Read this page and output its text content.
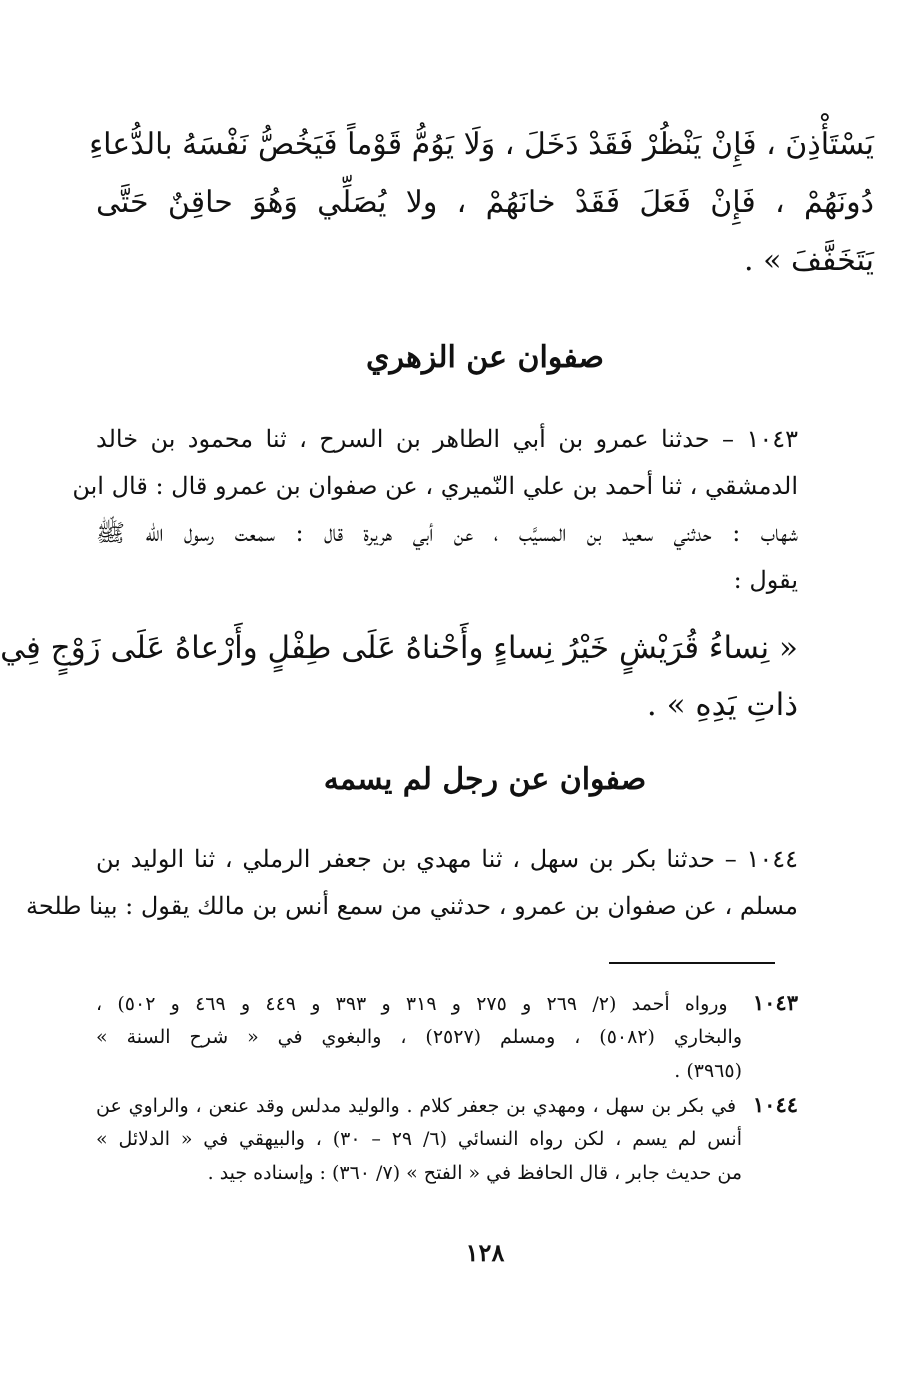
يَسْتَأْذِنَ ، فَإِنْ يَنْظُرْ فَقَدْ دَخَلَ ، وَلَا يَوُمُّ قَوْماً فَيَخُصُّ نَفْسَهُ بالدُّعاءِ
دُونَهُمْ ، فَإِنْ فَعَلَ فَقَدْ خانَهُمْ ، ولا يُصَلِّي وَهُوَ حاقِنٌ حَتَّى
يَتَخَفَّفَ » .
صفوان عن الزهري
١٠٤٣ – حدثنا عمرو بن أبي الطاهر بن السرح ، ثنا محمود بن خالد
الدمشقي ، ثنا أحمد بن علي النّميري ، عن صفوان بن عمرو قال : قال ابن
شهاب : حدثني سعيد بن المسيَّب ، عن أبي هريرة قال : سمعت رسول الله ﷺ
يقول :
« نِساءُ قُرَيْشٍ خَيْرُ نِساءٍ وأَحْناهُ عَلَى طِفْلٍ وأَرْعاهُ عَلَى زَوْجٍ فِي
ذاتِ يَدِهِ » .
صفوان عن رجل لم يسمه
١٠٤٤ – حدثنا بكر بن سهل ، ثنا مهدي بن جعفر الرملي ، ثنا الوليد بن
مسلم ، عن صفوان بن عمرو ، حدثني من سمع أنس بن مالك يقول : بينا طلحة
١٠٤٣ ورواه أحمد (٢/ ٢٦٩ و ٢٧٥ و ٣١٩ و ٣٩٣ و ٤٤٩ و ٤٦٩ و ٥٠٢) ،
والبخاري (٥٠٨٢) ، ومسلم (٢٥٢٧) ، والبغوي في « شرح السنة »
(٣٩٦٥) .
١٠٤٤ في بكر بن سهل ، ومهدي بن جعفر كلام . والوليد مدلس وقد عنعن ، والراوي عن
أنس لم يسم ، لكن رواه النسائي (٦/ ٢٩ – ٣٠) ، والبيهقي في « الدلائل »
من حديث جابر ، قال الحافظ في « الفتح » (٧/ ٣٦٠) : وإسناده جيد .
١٢٨
